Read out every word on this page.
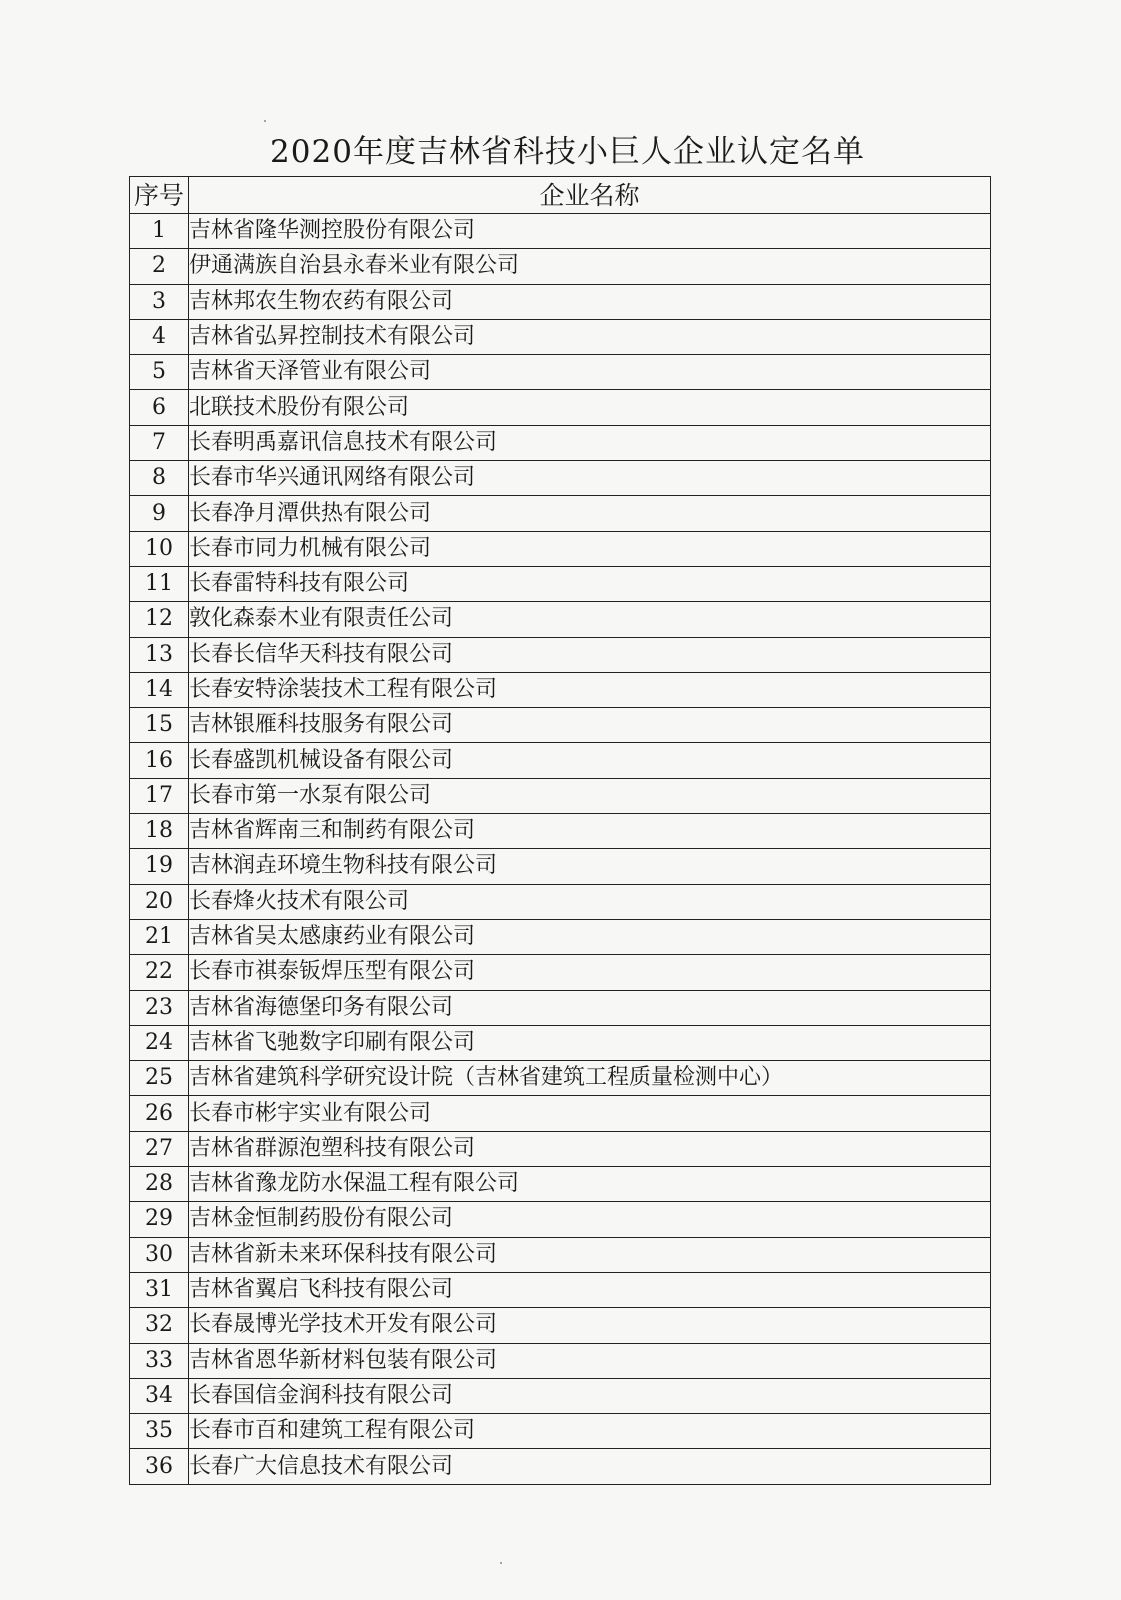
2020年度吉林省科技小巨人企业认定名单
序号	企业名称
1	吉林省隆华测控股份有限公司
2	伊通满族自治县永春米业有限公司
3	吉林邦农生物农药有限公司
4	吉林省弘昇控制技术有限公司
5	吉林省天泽管业有限公司
6	北联技术股份有限公司
7	长春明禹嘉讯信息技术有限公司
8	长春市华兴通讯网络有限公司
9	长春净月潭供热有限公司
10	长春市同力机械有限公司
11	长春雷特科技有限公司
12	敦化森泰木业有限责任公司
13	长春长信华天科技有限公司
14	长春安特涂装技术工程有限公司
15	吉林银雁科技服务有限公司
16	长春盛凯机械设备有限公司
17	长春市第一水泵有限公司
18	吉林省辉南三和制药有限公司
19	吉林润垚环境生物科技有限公司
20	长春烽火技术有限公司
21	吉林省吴太感康药业有限公司
22	长春市祺泰钣焊压型有限公司
23	吉林省海德堡印务有限公司
24	吉林省飞驰数字印刷有限公司
25	吉林省建筑科学研究设计院（吉林省建筑工程质量检测中心）
26	长春市彬宇实业有限公司
27	吉林省群源泡塑科技有限公司
28	吉林省豫龙防水保温工程有限公司
29	吉林金恒制药股份有限公司
30	吉林省新未来环保科技有限公司
31	吉林省翼启飞科技有限公司
32	长春晟博光学技术开发有限公司
33	吉林省恩华新材料包装有限公司
34	长春国信金润科技有限公司
35	长春市百和建筑工程有限公司
36	长春广大信息技术有限公司
